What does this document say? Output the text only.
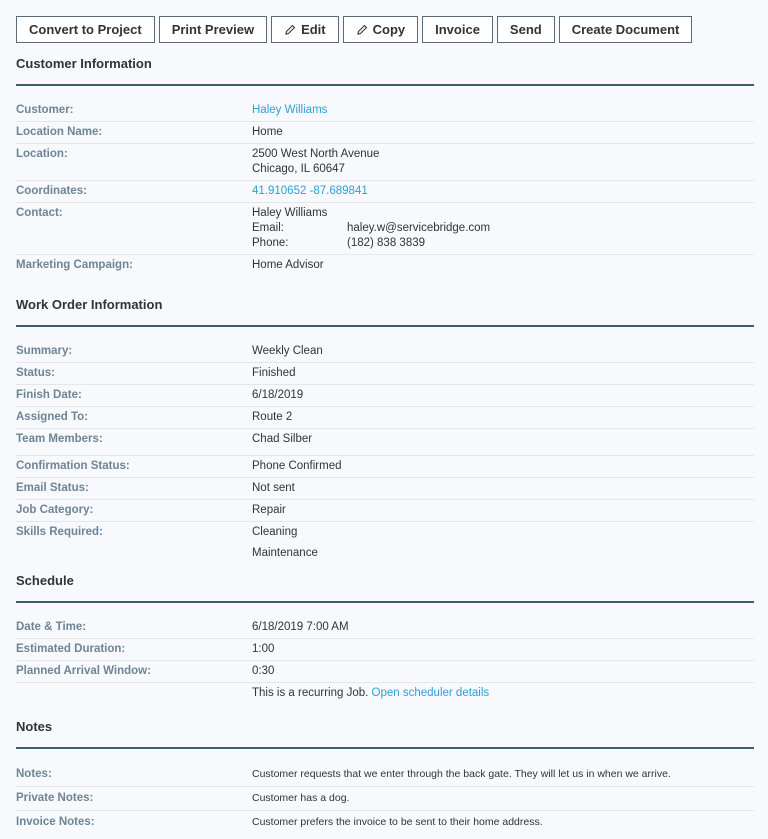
Convert to Project Print Preview	Edit	Copy Invoice Send Create Document
Customer Information
Customer:	Haley Williams
Location Name:	Home
Location:	2500 West North Avenue
Chicago, IL 60647
Coordinates:	41.910652 -87.689841
Contact:	Haley Williams
Email:	haley.w@servicebridge.com
Phone:	(182) 838 3839
Marketing Campaign:	Home Advisor
Work Order Information
Summary:	Weekly Clean
Status:	Finished
Finish Date:	6/18/2019
Assigned To:	Route 2
Team Members:	Chad Silber
Confirmation Status:	Phone Confirmed
Email Status:	Not sent
Job Category:	Repair
Skills Required:	Cleaning
Maintenance
Schedule
Date & Time:	6/18/2019 7:00 AM
Estimated Duration:	1:00
Planned Arrival Window:	0:30
This is a recurring Job. Open scheduler details
Notes
Notes:	Customer requests that we enter through the back gate. They will let us in when we arrive.
Private Notes:	Customer has a dog.
Invoice Notes:	Customer prefers the invoice to be sent to their home address.
